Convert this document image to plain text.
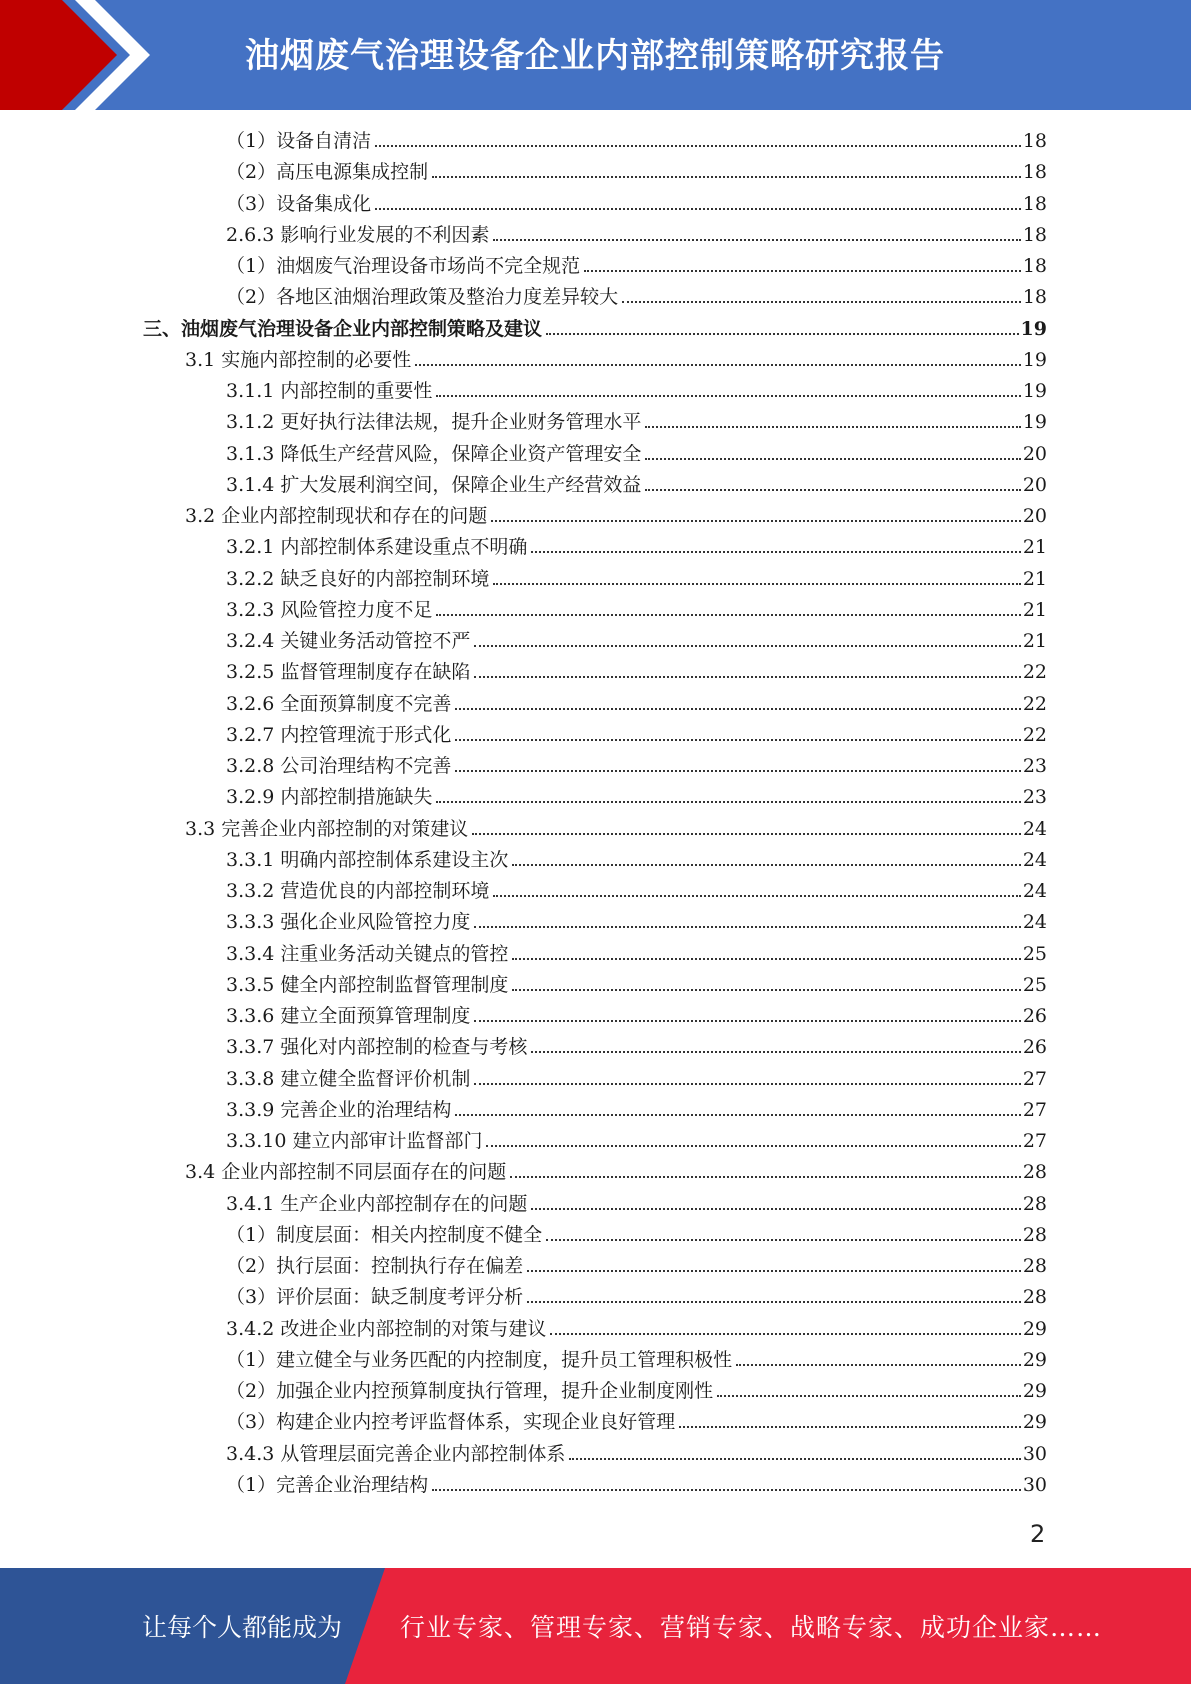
油烟废气治理设备企业内部控制策略研究报告
（1）设备自清洁	18
（2）高压电源集成控制	18
（3）设备集成化	18
2.6.3 影响行业发展的不利因素	18
（1）油烟废气治理设备市场尚不完全规范	18
（2）各地区油烟治理政策及整治力度差异较大	18
三、油烟废气治理设备企业内部控制策略及建议	19
3.1 实施内部控制的必要性	19
3.1.1 内部控制的重要性	19
3.1.2 更好执行法律法规，提升企业财务管理水平	19
3.1.3 降低生产经营风险，保障企业资产管理安全	20
3.1.4 扩大发展利润空间，保障企业生产经营效益	20
3.2 企业内部控制现状和存在的问题	20
3.2.1 内部控制体系建设重点不明确	21
3.2.2 缺乏良好的内部控制环境	21
3.2.3 风险管控力度不足	21
3.2.4 关键业务活动管控不严	21
3.2.5 监督管理制度存在缺陷	22
3.2.6 全面预算制度不完善	22
3.2.7 内控管理流于形式化	22
3.2.8 公司治理结构不完善	23
3.2.9 内部控制措施缺失	23
3.3 完善企业内部控制的对策建议	24
3.3.1 明确内部控制体系建设主次	24
3.3.2 营造优良的内部控制环境	24
3.3.3 强化企业风险管控力度	24
3.3.4 注重业务活动关键点的管控	25
3.3.5 健全内部控制监督管理制度	25
3.3.6 建立全面预算管理制度	26
3.3.7 强化对内部控制的检查与考核	26
3.3.8 建立健全监督评价机制	27
3.3.9 完善企业的治理结构	27
3.3.10 建立内部审计监督部门	27
3.4 企业内部控制不同层面存在的问题	28
3.4.1 生产企业内部控制存在的问题	28
（1）制度层面：相关内控制度不健全	28
（2）执行层面：控制执行存在偏差	28
（3）评价层面：缺乏制度考评分析	28
3.4.2 改进企业内部控制的对策与建议	29
（1）建立健全与业务匹配的内控制度，提升员工管理积极性	29
（2）加强企业内控预算制度执行管理，提升企业制度刚性	29
（3）构建企业内控考评监督体系，实现企业良好管理	29
3.4.3 从管理层面完善企业内部控制体系	30
（1）完善企业治理结构	30
2
让每个人都能成为 行业专家、管理专家、营销专家、战略专家、成功企业家……
